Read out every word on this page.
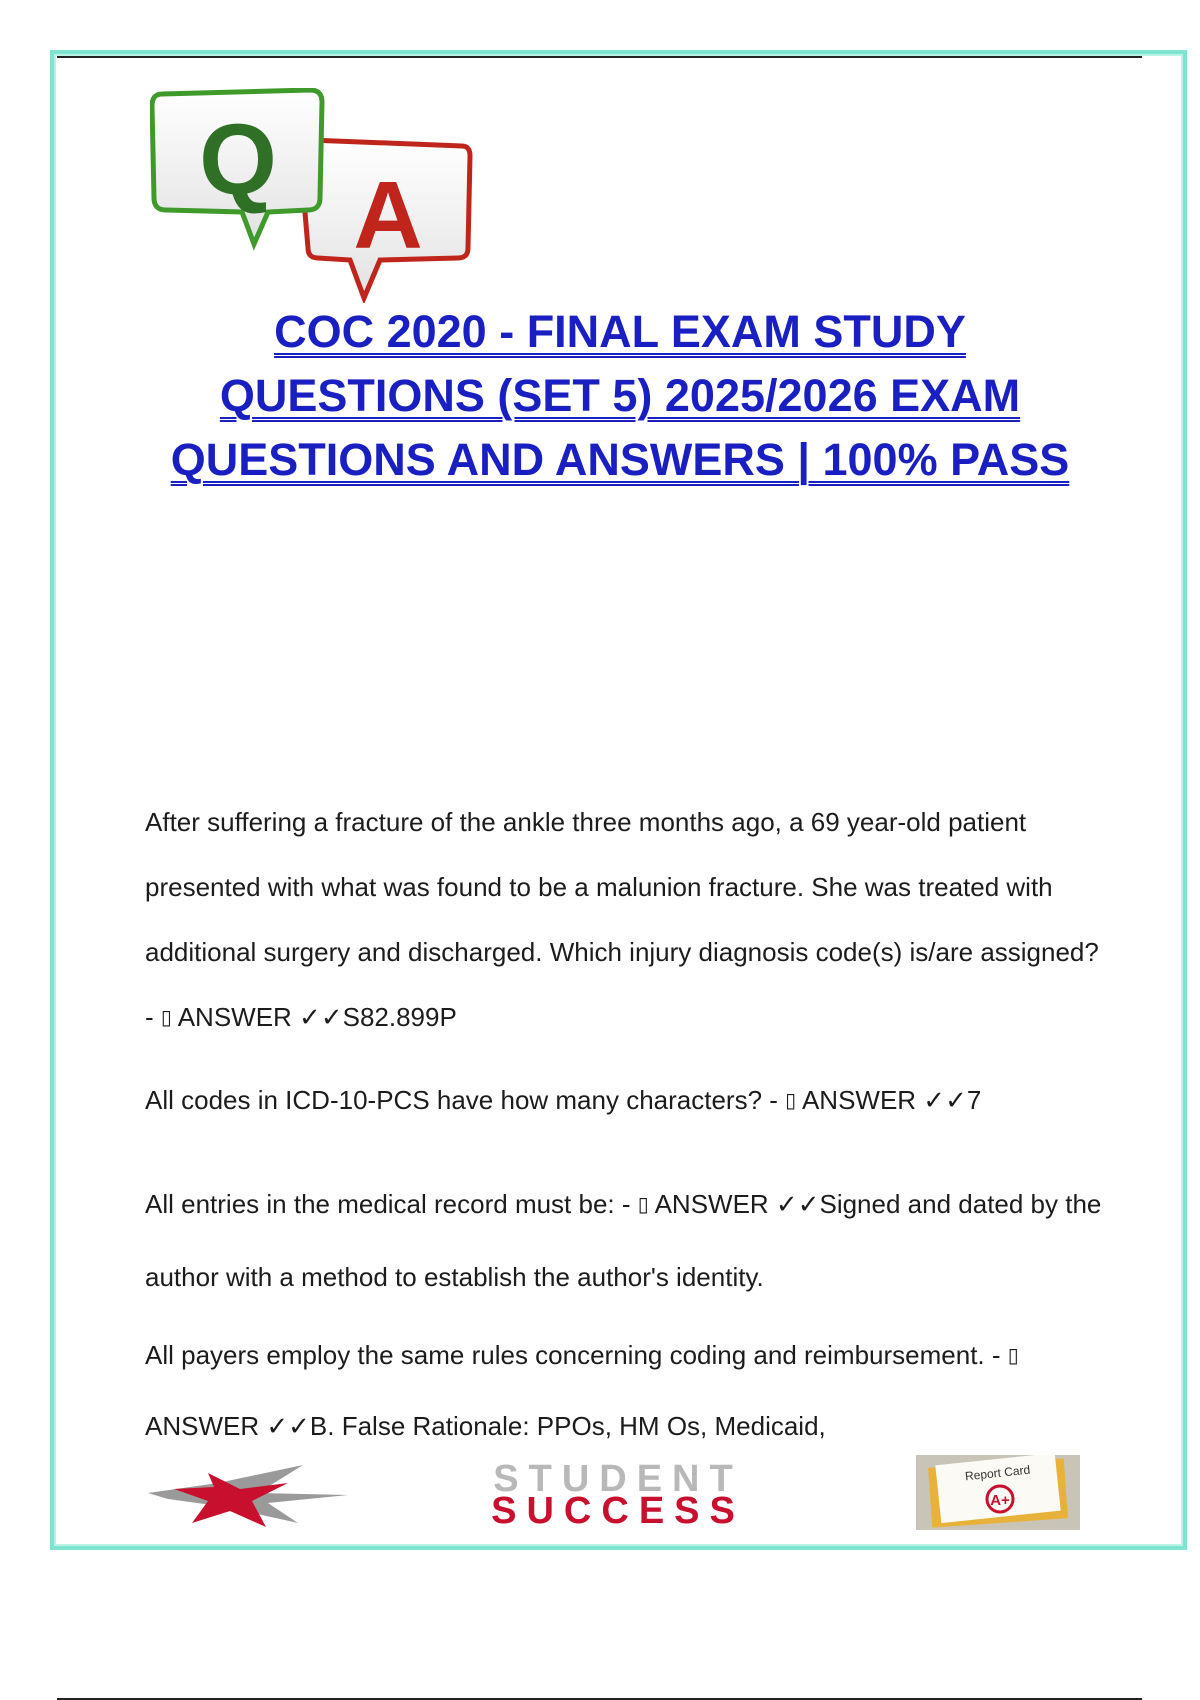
A
Q
COC 2020 - FINAL EXAM STUDY QUESTIONS (SET 5) 2025/2026 EXAM QUESTIONS AND ANSWERS | 100% PASS

After suffering a fracture of the ankle three months ago, a 69 year-old patient presented with what was found to be a malunion fracture. She was treated with additional surgery and discharged. Which injury diagnosis code(s) is/are assigned? - ▯ ANSWER ✓✓S82.899P

All codes in ICD-10-PCS have how many characters? - ▯ ANSWER ✓✓7

All entries in the medical record must be: - ▯ ANSWER ✓✓Signed and dated by the author with a method to establish the author's identity.

All payers employ the same rules concerning coding and reimbursement. - ▯ ANSWER ✓✓B. False Rationale: PPOs, HM Os, Medicaid,

STUDENT
SUCCESS
Report Card
A+
